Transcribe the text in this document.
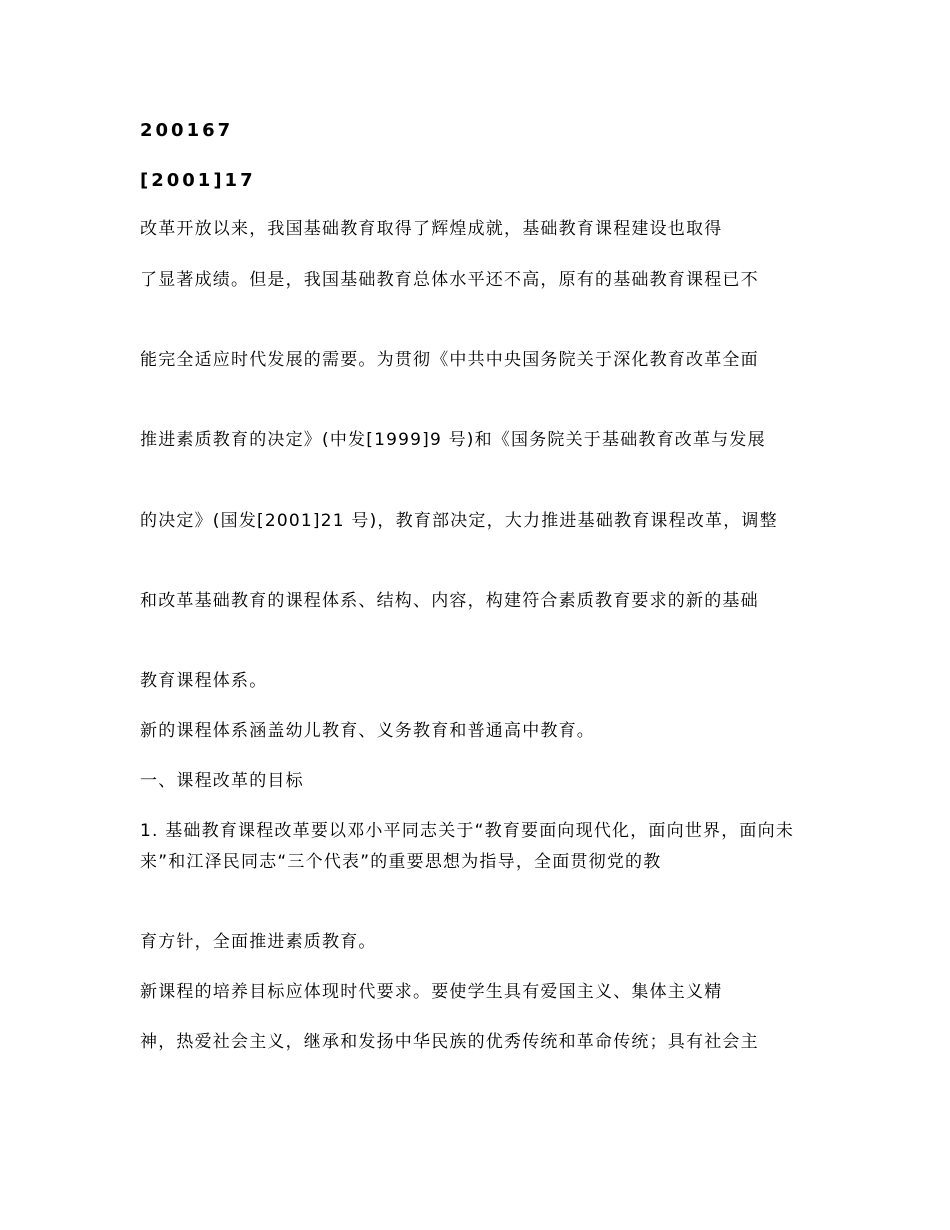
200167
[2001]17
改革开放以来，我国基础教育取得了辉煌成就，基础教育课程建设也取得
了显著成绩。但是，我国基础教育总体水平还不高，原有的基础教育课程已不
能完全适应时代发展的需要。为贯彻《中共中央国务院关于深化教育改革全面
推进素质教育的决定》(中发[1999]9 号)和《国务院关于基础教育改革与发展
的决定》(国发[2001]21 号)，教育部决定，大力推进基础教育课程改革，调整
和改革基础教育的课程体系、结构、内容，构建符合素质教育要求的新的基础
教育课程体系。
新的课程体系涵盖幼儿教育、义务教育和普通高中教育。
一、课程改革的目标
1. 基础教育课程改革要以邓小平同志关于“教育要面向现代化，面向世界，面向未来”和江泽民同志“三个代表”的重要思想为指导，全面贯彻党的教
育方针，全面推进素质教育。
新课程的培养目标应体现时代要求。要使学生具有爱国主义、集体主义精
神，热爱社会主义，继承和发扬中华民族的优秀传统和革命传统；具有社会主
